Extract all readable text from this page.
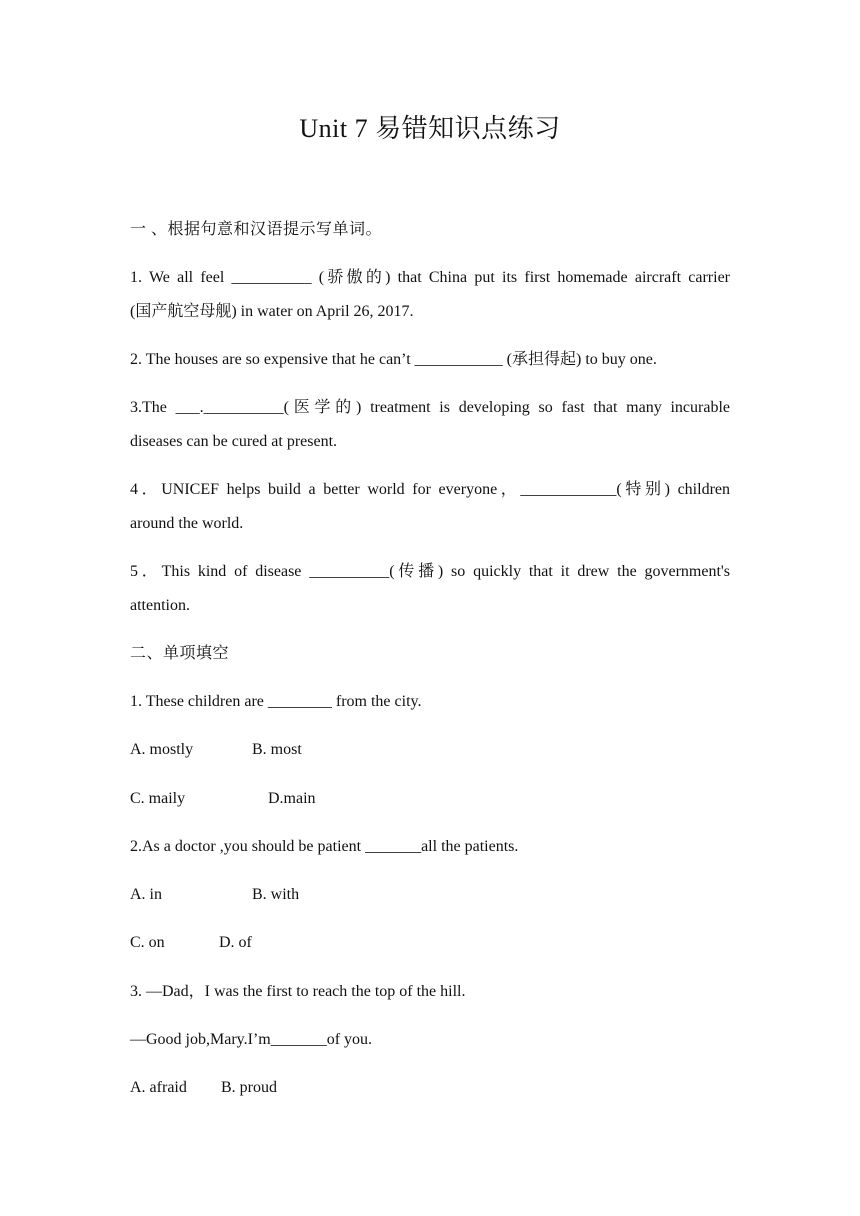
Unit 7 易错知识点练习
一 、根据句意和汉语提示写单词。
1. We all feel __________ (骄傲的) that China put its first homemade aircraft carrier
(国产航空母舰) in water on April 26, 2017.
2. The houses are so expensive that he can’t ___________ (承担得起) to buy one.
3.The ___.__________(医学的) treatment is developing so fast that many incurable
diseases can be cured at present.
4．UNICEF helps build a better world for everyone，____________(特别) children
around the world.
5．This kind of disease __________(传播) so quickly that it drew the government's
attention.
二、单项填空
1. These children are ________ from the city.
A. mostly	B. most
C. maily	D.main
2.As a doctor ,you should be patient _______all the patients.
A. in	B. with
C. on	D. of
3. —Dad，I was the first to reach the top of the hill.
—Good job,Mary.I’m_______of you.
A. afraid B. proud
